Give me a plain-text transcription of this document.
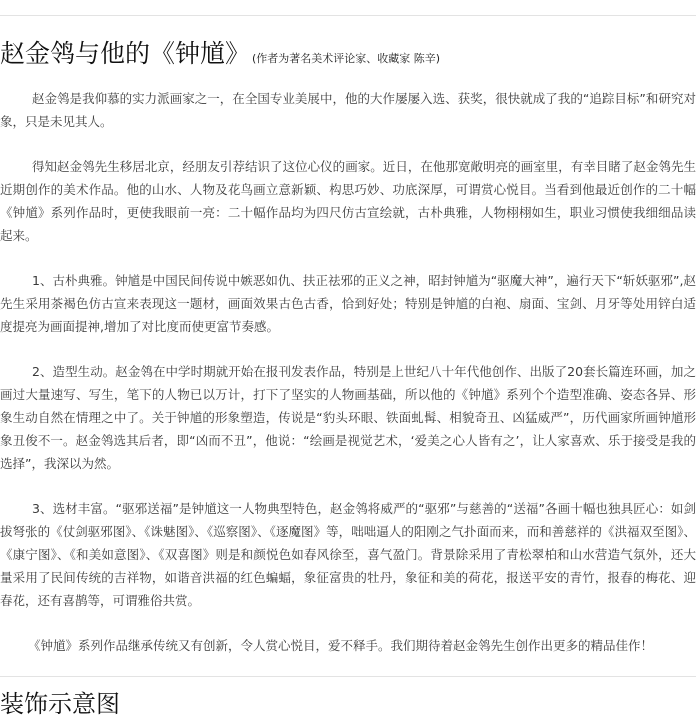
赵金鸰与他的《钟馗》 (作者为著名美术评论家、收藏家 陈辛)

赵金鸰是我仰慕的实力派画家之一，在全国专业美展中，他的大作屡屡入选、获奖，很快就成了我的“追踪目标”和研究对象，只是未见其人。

得知赵金鸰先生移居北京，经朋友引荐结识了这位心仪的画家。近日，在他那宽敞明亮的画室里，有幸目睹了赵金鸰先生近期创作的美术作品。他的山水、人物及花鸟画立意新颖、构思巧妙、功底深厚，可谓赏心悦目。当看到他最近创作的二十幅《钟馗》系列作品时，更使我眼前一亮：二十幅作品均为四尺仿古宣绘就，古朴典雅，人物栩栩如生，职业习惯使我细细品读起来。

1、古朴典雅。钟馗是中国民间传说中嫉恶如仇、扶正祛邪的正义之神，昭封钟馗为“驱魔大神”，遍行天下“斩妖驱邪”,赵先生采用茶褐色仿古宣来表现这一题材，画面效果古色古香，恰到好处；特别是钟馗的白袍、扇面、宝剑、月牙等处用锌白适度提亮为画面提神,增加了对比度而使更富节奏感。

2、造型生动。赵金鸰在中学时期就开始在报刊发表作品，特别是上世纪八十年代他创作、出版了20套长篇连环画，加之画过大量速写、写生，笔下的人物已以万计，打下了坚实的人物画基础，所以他的《钟馗》系列个个造型准确、姿态各异、形象生动自然在情理之中了。关于钟馗的形象塑造，传说是“豹头环眼、铁面虬髯、相貌奇丑、凶猛威严”，历代画家所画钟馗形象丑俊不一。赵金鸰选其后者，即“凶而不丑”，他说：“绘画是视觉艺术，‘爱美之心人皆有之’，让人家喜欢、乐于接受是我的选择”，我深以为然。

3、选材丰富。“驱邪送福”是钟馗这一人物典型特色，赵金鸰将威严的“驱邪”与慈善的“送福”各画十幅也独具匠心：如剑拔弩张的《仗剑驱邪图》、《诛魅图》、《巡察图》、《逐魔图》等，咄咄逼人的阳刚之气扑面而来，而和善慈祥的《洪福双至图》、《康宁图》、《和美如意图》、《双喜图》则是和颜悦色如春风徐至，喜气盈门。背景除采用了青松翠柏和山水营造气氛外，还大量采用了民间传统的吉祥物，如谐音洪福的红色蝙蝠，象征富贵的牡丹，象征和美的荷花，报送平安的青竹，报春的梅花、迎春花，还有喜鹊等，可谓雅俗共赏。

《钟馗》系列作品继承传统又有创新，令人赏心悦目，爱不释手。我们期待着赵金鸰先生创作出更多的精品佳作！

装饰示意图
